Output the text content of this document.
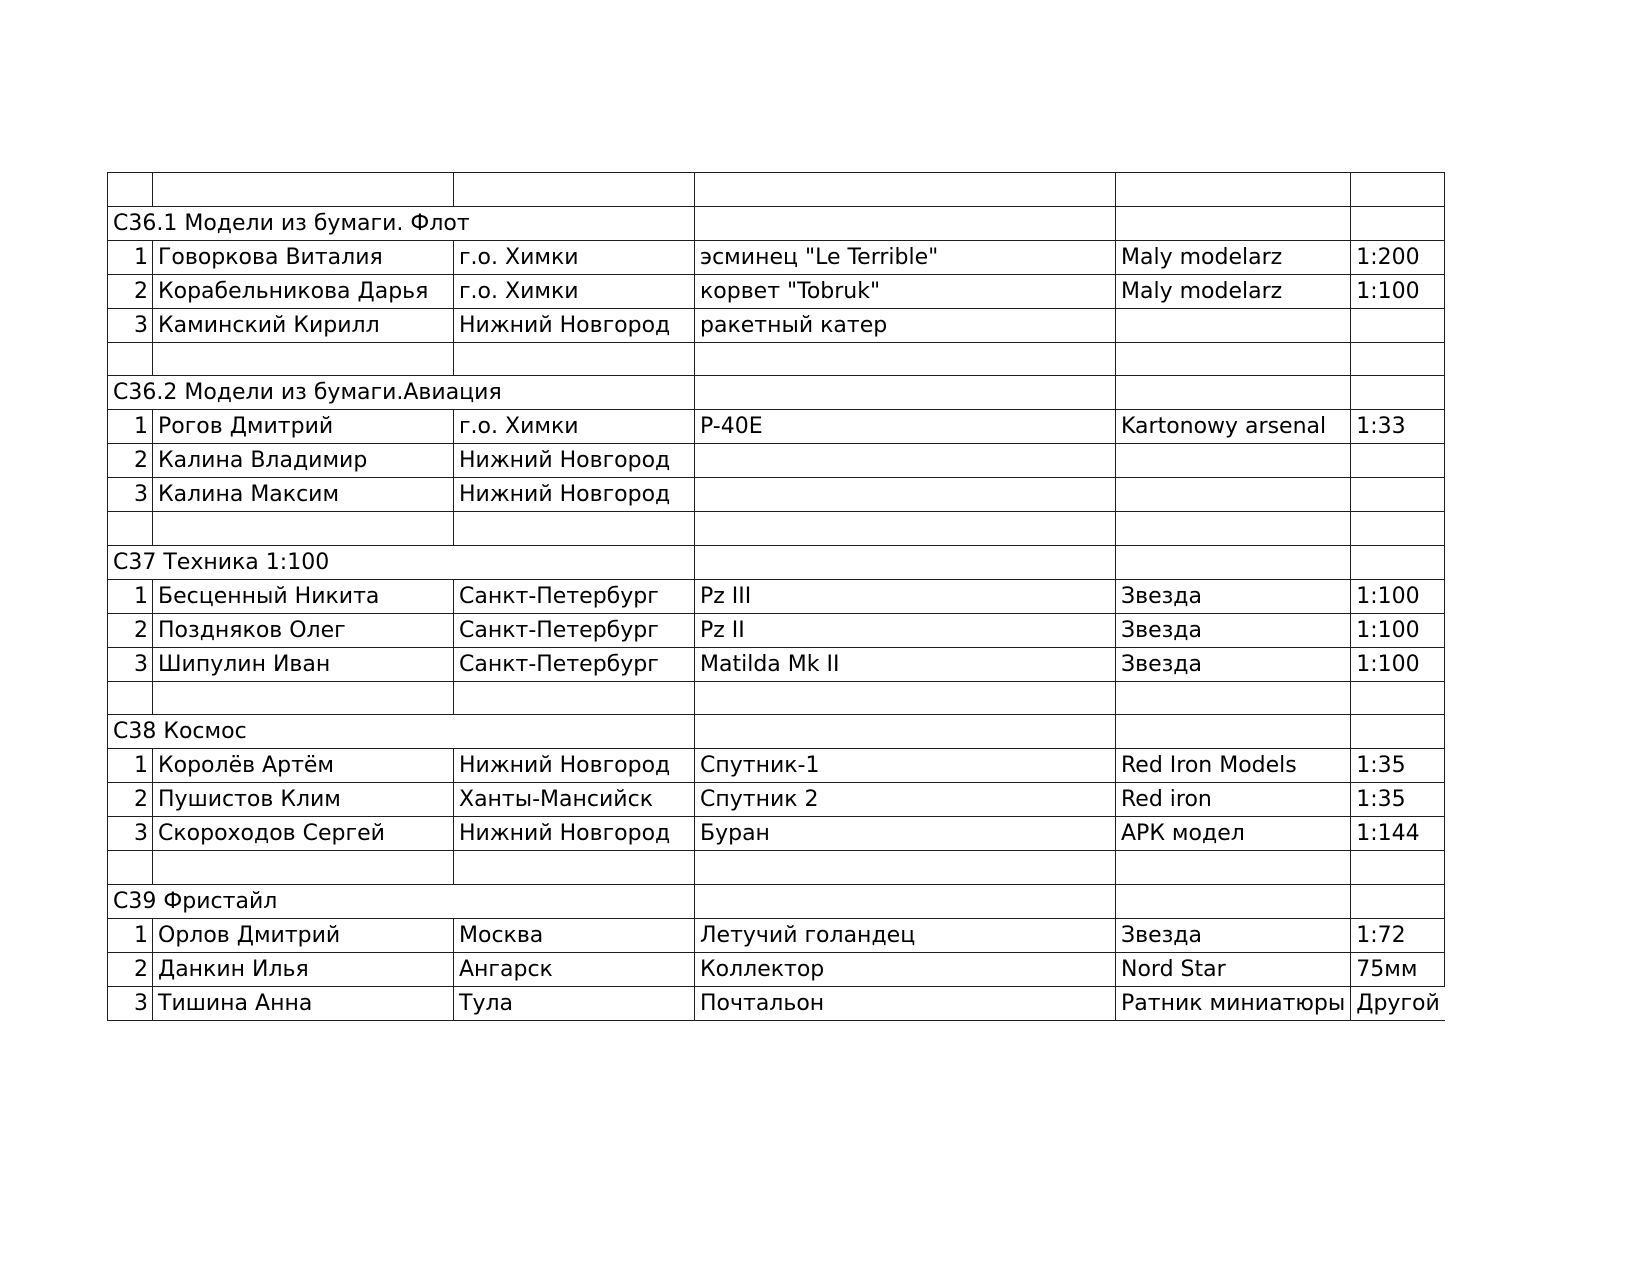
С36.1 Модели из бумаги. Флот					
1	Говоркова Виталия	г.о. Химки	эсминец "Le Terrible"	Maly modelarz	1:200
2	Корабельникова Дарья	г.о. Химки	корвет "Tobruk"	Maly modelarz	1:100
3	Каминский Кирилл	Нижний Новгород	ракетный катер		

С36.2 Модели из бумаги.Авиация					
1	Рогов Дмитрий	г.о. Химки	P-40E	Kartonowy arsenal	1:33
2	Калина Владимир	Нижний Новгород			
3	Калина Максим	Нижний Новгород			

С37 Техника 1:100					
1	Бесценный Никита	Санкт-Петербург	Pz III	Звезда	1:100
2	Поздняков Олег	Санкт-Петербург	Pz II	Звезда	1:100
3	Шипулин Иван	Санкт-Петербург	Matilda Mk II	Звезда	1:100

С38 Космос					
1	Королёв Артём	Нижний Новгород	Спутник-1	Red Iron Models	1:35
2	Пушистов Клим	Ханты-Мансийск	Спутник 2	Red iron	1:35
3	Скороходов Сергей	Нижний Новгород	Буран	АРК модел	1:144

С39 Фристайл					
1	Орлов Дмитрий	Москва	Летучий голандец	Звезда	1:72
2	Данкин Илья	Ангарск	Коллектор	Nord Star	75мм
3	Тишина Анна	Тула	Почтальон	Ратник миниатюры	Другой
